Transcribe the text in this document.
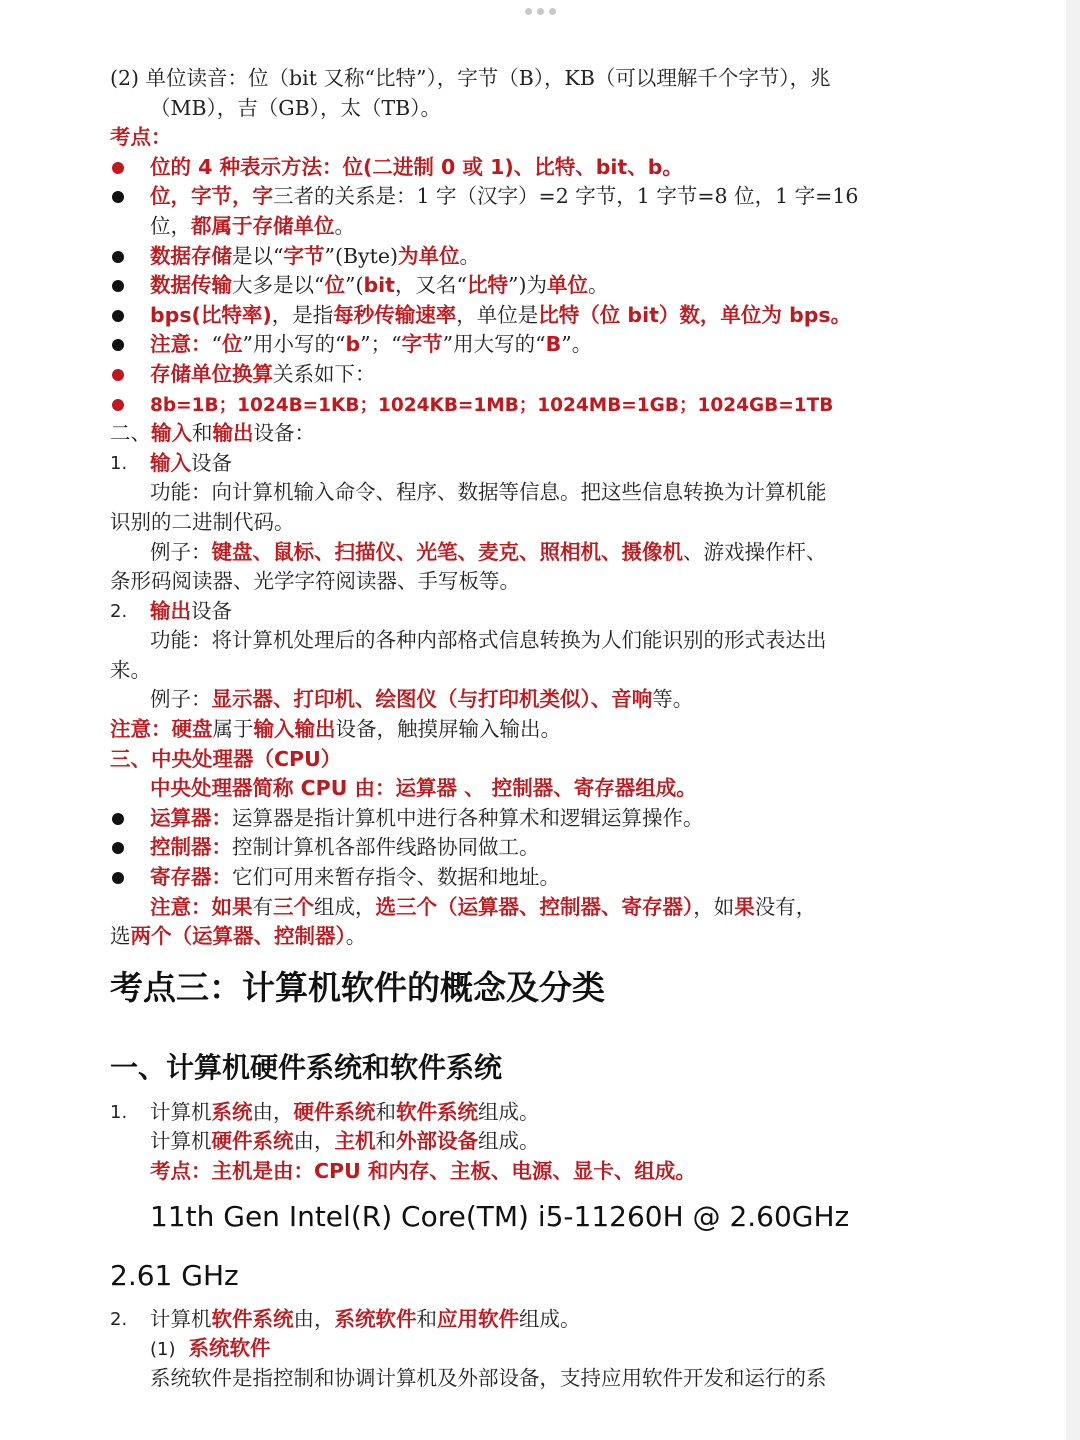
(2) 单位读音：位（bit 又称“比特”），字节（B），KB（可以理解千个字节），兆
（MB），吉（GB），太（TB）。
考点：
位的 4 种表示方法：位(二进制 0 或 1)、比特、bit、b。
位，字节，字三者的关系是：1 字（汉字）=2 字节，1 字节=8 位，1 字=16
位，都属于存储单位。
数据存储是以“字节”(Byte)为单位。
数据传输大多是以“位”(bit，又名“比特”)为单位。
bps(比特率)，是指每秒传输速率，单位是比特（位 bit）数，单位为 bps。
注意：“位”用小写的“b”；“字节”用大写的“B”。
存储单位换算关系如下：
8b=1B；1024B=1KB；1024KB=1MB；1024MB=1GB；1024GB=1TB
二、输入和输出设备：
1. 输入设备
功能：向计算机输入命令、程序、数据等信息。把这些信息转换为计算机能
识别的二进制代码。
例子：键盘、鼠标、扫描仪、光笔、麦克、照相机、摄像机、游戏操作杆、
条形码阅读器、光学字符阅读器、手写板等。
2. 输出设备
功能：将计算机处理后的各种内部格式信息转换为人们能识别的形式表达出
来。
例子：显示器、打印机、绘图仪（与打印机类似）、音响等。
注意：硬盘属于输入输出设备，触摸屏输入输出。
三、中央处理器（CPU）
中央处理器简称 CPU 由：运算器 、 控制器、寄存器组成。
运算器：运算器是指计算机中进行各种算术和逻辑运算操作。
控制器：控制计算机各部件线路协同做工。
寄存器：它们可用来暂存指令、数据和地址。
注意：如果有三个组成，选三个（运算器、控制器、寄存器），如果没有，
选两个（运算器、控制器）。
考点三：计算机软件的概念及分类
一、计算机硬件系统和软件系统
1. 计算机系统由，硬件系统和软件系统组成。
计算机硬件系统由，主机和外部设备组成。
考点：主机是由：CPU 和内存、主板、电源、显卡、组成。
11th Gen Intel(R) Core(TM) i5-11260H @ 2.60GHz
2.61 GHz
2. 计算机软件系统由，系统软件和应用软件组成。
(1) 系统软件
系统软件是指控制和协调计算机及外部设备，支持应用软件开发和运行的系
